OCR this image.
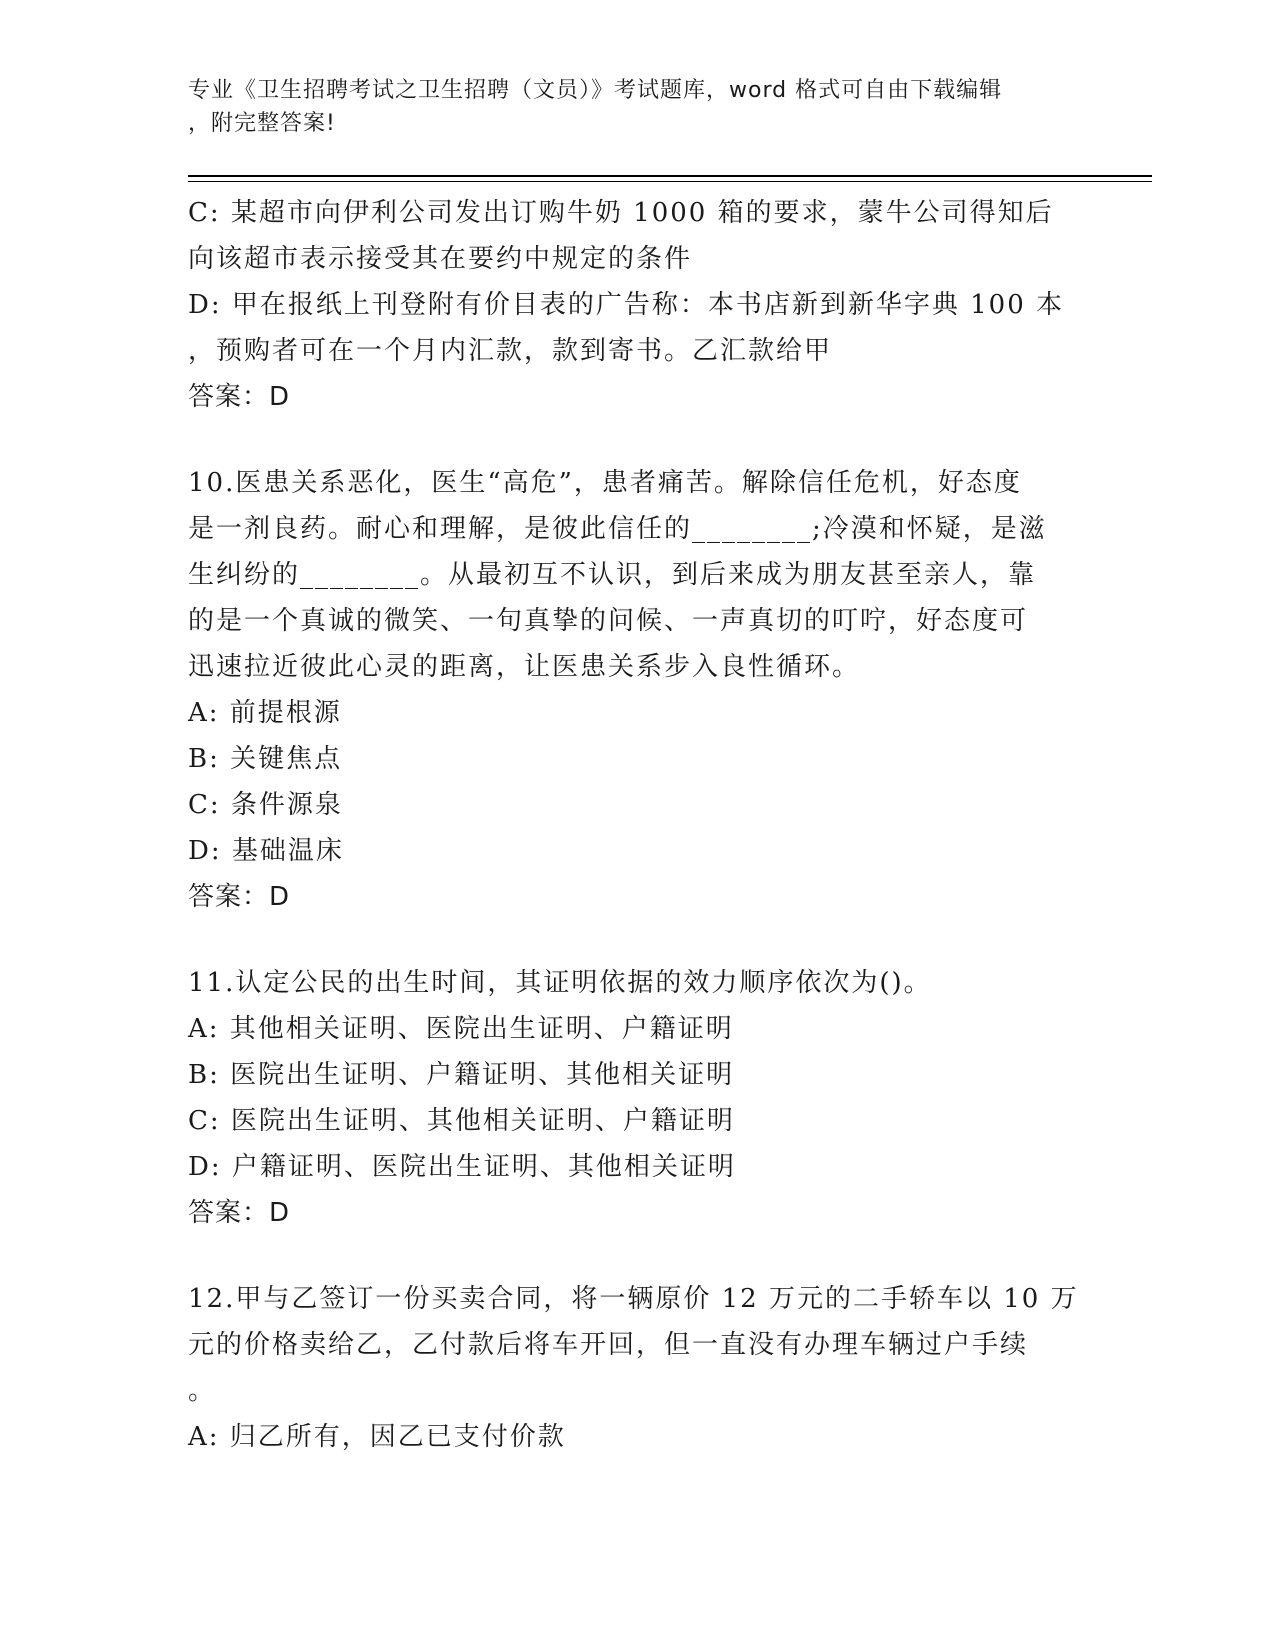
专业《卫生招聘考试之卫生招聘（文员）》考试题库，word 格式可自由下载编辑
，附完整答案!
C: 某超市向伊利公司发出订购牛奶 1000 箱的要求，蒙牛公司得知后
向该超市表示接受其在要约中规定的条件
D: 甲在报纸上刊登附有价目表的广告称：本书店新到新华字典 100 本
，预购者可在一个月内汇款，款到寄书。乙汇款给甲
答案：D
10.医患关系恶化，医生“高危”，患者痛苦。解除信任危机，好态度
是一剂良药。耐心和理解，是彼此信任的________;冷漠和怀疑，是滋
生纠纷的________。从最初互不认识，到后来成为朋友甚至亲人，靠
的是一个真诚的微笑、一句真挚的问候、一声真切的叮咛，好态度可
迅速拉近彼此心灵的距离，让医患关系步入良性循环。
A: 前提根源
B: 关键焦点
C: 条件源泉
D: 基础温床
答案：D
11.认定公民的出生时间，其证明依据的效力顺序依次为()。
A: 其他相关证明、医院出生证明、户籍证明
B: 医院出生证明、户籍证明、其他相关证明
C: 医院出生证明、其他相关证明、户籍证明
D: 户籍证明、医院出生证明、其他相关证明
答案：D
12.甲与乙签订一份买卖合同，将一辆原价 12 万元的二手轿车以 10 万
元的价格卖给乙，乙付款后将车开回，但一直没有办理车辆过户手续
。
A: 归乙所有，因乙已支付价款
